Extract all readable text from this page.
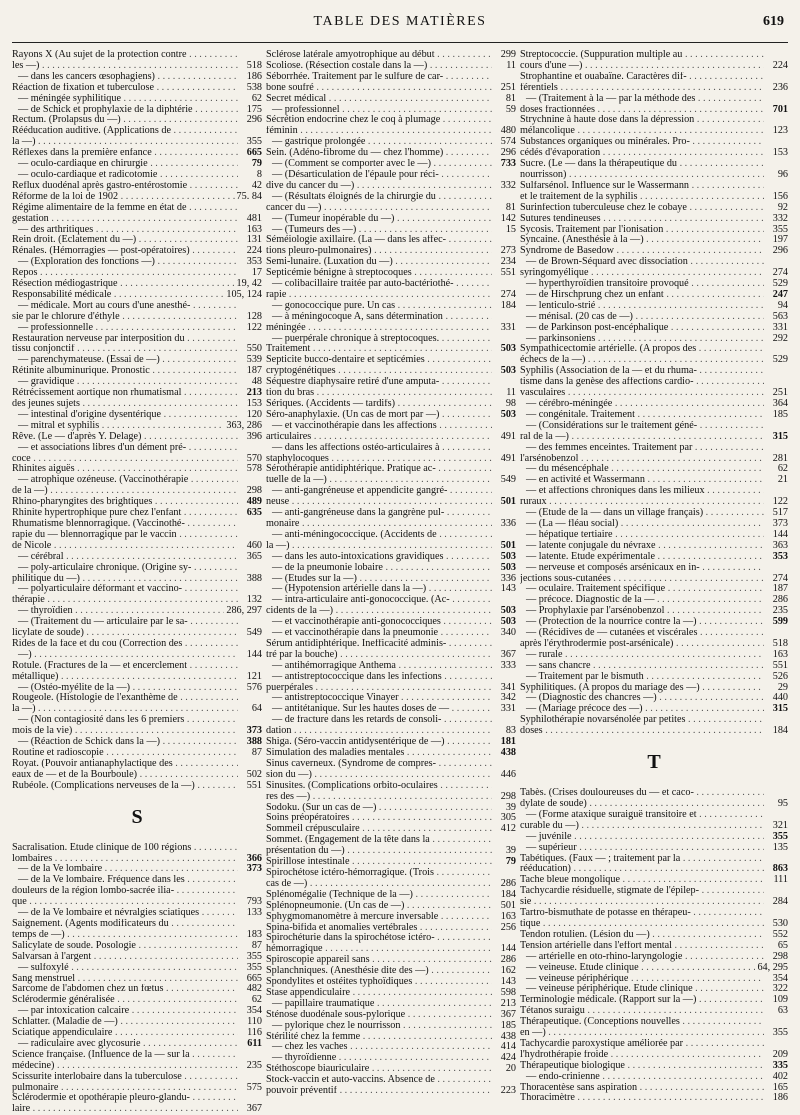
TABLE DES MATIÈRES	619
Rayons X (Au sujet de la protection contre . . .
les —) . . .	518
— dans les cancers œsophagiens) . . .	186
Réaction de fixation et tuberculose . . .	538
— méningée syphilitique . . .	62
— de Schick et prophylaxie de la diphtérie . . .	175
Rectum. (Prolapsus du —) . . .	296
Rééducation auditive. (Applications de . . .
la —) . . .	355
Réflexes dans la première enfance . . .	665
— oculo-cardiaque en chirurgie . . .	79
— oculo-cardiaque et radicotomie . . .	8
Reflux duodénal après gastro-entérostomie . . .	42
Réforme de la loi de 1902 . . .	75. 84
Régime alimentaire de la femme en état de . . .
gestation . . .	481
— des arthritiques . . .	163
Rein droit. (Éclatement du —) . . .	131
Rénales. (Hémorragies — post-opératoires) . . .	224
— (Exploration des fonctions —) . . .	353
Repos . . .	17
Résection médiogastrique . . .	19, 42
Responsabilité médicale . . .	105, 124
— médicale. Mort au cours d'une anesthé- . . .
sie par le chlorure d'éthyle . . .	128
— professionnelle . . .	122
Restauration nerveuse par interposition du . . .
tissu conjonctif . . .	550
— parenchymateuse. (Essai de —) . . .	539
Rétinite albuminurique. Pronostic . . .	187
— gravidique . . .	48
Rétrécissement aortique non rhumatismal . . .	213
des jeunes sujets . . .	153
— intestinal d'origine dysentérique . . .	120
— mitral et syphilis . . .	363, 286
Rêve. (Le — d'après Y. Delage) . . .	396
— et associations libres d'un dément pré- . . .
coce . . .	570
Rhinites aiguës . . .	578
— atrophique ozéneuse. (Vaccinothérapie . . .
de la —) . . .	298
Rhino-pharyngites des brightiques . . .	489
Rhinite hypertrophique pure chez l'enfant . . .	635
Rhumatisme blennorragique. (Vaccinothé- . . .
rapie du — blennorragique par le vaccin . . .
de Nicole . . .	460
— cérébral . . .	365
— poly-articulaire chronique. (Origine sy- . . .
philitique du —) . . .	388
— polyarticulaire déformant et vaccino- . . .
thérapie . . .	132
— thyroïdien . . .	286, 297
— (Traitement du — articulaire par le sa- . . .
licylate de soude) . . .	549
Rides de la face et du cou (Correction des . . .
—) . . .	144
Rotule. (Fractures de la — et encerclement . . .
métallique) . . .	121
— (Ostéo-myélite de la —) . . .	576
Rougeole. (Histologie de l'exanthème de . . .
la —) . . .	64
— (Non contagiosité dans les 6 premiers . . .
mois de la vie) . . .	373
— (Réaction de Schick dans la —) . . .	388
Routine et radioscopie . . .	87
Royat. (Pouvoir antianaphylactique des . . .
eaux de — et de la Bourboule) . . .	502
Rubéole. (Complications nerveuses de la —) . . .	551
S
Sacralisation. Étude clinique de 100 régions . . .
lombaires . . .	366
— de la Ve lombaire . . .	373
— de la Ve lombaire. Fréquence dans les . . .
douleurs de la région lombo-sacrée ilia- . . .
que . . .	793
— de la Ve lombaire et névralgies sciatiques . . .	133
Saignement. (Agents modificateurs du . . .
temps de —) . . .	183
Salicylate de soude. Posologie . . .	87
Salvarsan à l'argent . . .	355
— sulfoxylé . . .	355
Sang menstruel . . .	665
Sarcome de l'abdomen chez un fœtus . . .	482
Sclérodermie généralisée . . .	62
— par intoxication calcaire . . .	354
Schlatter. (Maladie de —) . . .	110
Sciatique appendiculaire . . .	116
— radiculaire avec glycosurie . . .	611
Science française. (Influence de la — sur la . . .
médecine) . . .	235
Scissurite interlobaire dans la tuberculose . . .
pulmonaire . . .	575
Sclérodermie et opothérapie pleuro-glandu- . . .
laire . . .	367
Sclérose latérale amyotrophique au début . . .	299
Scoliose. (Résection costale dans la —) . . .	11
Séborrhée. Traitement par le sulfure de car- . . .
bone soufré . . .	251
Secret médical . . .	81
— professionnel . . .	59
Sécrétion endocrine chez le coq à plumage . . .
féminin . . .	480
— gastrique prolongée . . .	574
Sein. (Adéno-fibrome du — chez l'homme) . . .	296
— (Comment se comporter avec le —) . . .	733
— (Désarticulation de l'épaule pour réci- . . .
dive du cancer du —) . . .	332
— (Résultats éloignés de la chirurgie du . . .
cancer du —) . . .	81
— (Tumeur inopérable du —) . . .	142
— (Tumeurs des —) . . .	15
Séméiologie axillaire. (La — dans les affec- . . .
tions pleuro-pulmonaires) . . .	273
Semi-lunaire. (Luxation du —) . . .	234
Septicémie bénigne à streptocoques . . .	551
— colibacillaire traitée par auto-bactériothé- . . .
rapie . . .	274
— gonococcique pure. Un cas . . .	184
— à méningocoque A, sans détermination . . .
méningée . . .	331
— puerpérale chronique à streptocoques. . . .
Traitement . . .	503
Septicite bucco-dentaire et septicémies . . .
cryptogénétiques . . .	503
Séquestre diaphysaire retiré d'une amputa- . . .
tion du bras . . .	11
Sériques. (Accidents — tardifs) . . .	98
Séro-anaphylaxie. (Un cas de mort par —) . . .	503
— et vaccinothérapie dans les affections . . .
articulaires . . .	491
— dans les affections ostéo-articulaires à . . .
staphylocoques . . .	491
Sérothérapie antidiphtérique. Pratique ac- . . .
tuelle de la —) . . .	549
— anti-gangréneuse et appendicite gangré- . . .
neuse . . .	501
— anti-gangréneuse dans la gangrène pul- . . .
monaire . . .	336
— anti-méningococcique. (Accidents de . . .
la —) . . .	501
— dans les auto-intoxications gravidiques . . .	503
— de la pneumonie lobaire . . .	503
— (Études sur la —) . . .	336
— (Hypotension artérielle dans la —) . . .	143
— intra-articulaire anti-gonococcique. (Ac- . . .
cidents de la —) . . .	503
— et vaccinothérapie anti-gonococciques . . .	503
— et vaccinothérapie dans la pneumonie . . .	340
Sérum antidiphtérique. Inefficacité adminis- . . .
tré par la bouche) . . .	367
— antihémorragique Anthema . . .	333
— antistreptococcique dans les infections . . .
puerpérales . . .	341
— antistreptococcique Vinayer . . .	342
— antitétanique. Sur les hautes doses de — . . .	331
— de fracture dans les retards de consoli- . . .
dation . . .	83
Shiga. (Séro-vaccin antidysentérique de —) . . .	181
Simulation des maladies mentales . . .	438
Sinus caverneux. (Syndrome de compres- . . .
sion du —) . . .	446
Sinusites. (Complications orbito-oculaires . . .
res des —) . . .	298
Sodoku. (Sur un cas de —) . . .	39
Soins préopératoires . . .	305
Sommeil crépusculaire . . .	412
Sommet. (Engagement de la tête dans la . . .
présentation du —) . . .	39
Spirillose intestinale . . .	79
Spirochétose ictéro-hémorragique. (Trois . . .
cas de —) . . .	286
Splénomégalie (Technique de la —) . . .	184
Splénopneumonie. (Un cas de —) . . .	501
Sphygmomanomètre à mercure inversable . . .	163
Spina-bifida et anomalies vertébrales . . .	256
Spirochéturie dans la spirochétose ictéro- . . .
hémorragique . . .	144
Spiroscopie appareil sans . . .	286
Splanchniques. (Anesthésie dite des —) . . .	162
Spondylites et ostéites typhoïdiques . . .	143
Stase appendiculaire . . .	598
— papillaire traumatique . . .	213
Sténose duodénale sous-pylorique . . .	367
— pylorique chez le nourrisson . . .	185
Stérilité chez la femme . . .	438
— chez les vaches . . .	414
— thyroïdienne . . .	424
Stéthoscope biauriculaire . . .	20
Stock-vaccin et auto-vaccins. Absence de . . .
pouvoir préventif . . .	223
Streptococcie. (Suppuration multiple au . . .
cours d'une —) . . .	224
Strophantine et ouabaïne. Caractères dif- . . .
férentiels . . .	236
— (Traitement à la — par la méthode des . . .
doses fractionnées . . .	701
Strychnine à haute dose dans la dépression . . .
mélancolique . . .	123
Substances organiques ou minérales. Pro- . . .
cédés d'évaporation . . .	153
Sucre. (Le — dans la thérapeutique du . . .
nourrisson) . . .	96
Sulfarsénol. Influence sur le Wassermann . . .
et le traitement de la syphilis . . .	156
Surinfection tuberculeuse chez le cobaye . . .	92
Sutures tendineuses . . .	332
Sycosis. Traitement par l'ionisation . . .	355
Syncaine. (Anesthésie à la —) . . .	197
Syndrome de Basedow . . .	296
— de Brown-Séquard avec dissociation . . .
syringomyélique . . .	274
— hyperthyroïdien transitoire provoqué . . .	529
— de Hirschprung chez un enfant . . .	247
— lenticulo-strié . . .	94
— ménisal. (20 cas de —) . . .	563
— de Parkinson post-encéphalique . . .	331
— parkinsoniens . . .	292
Sympathicectomie artérielle. (A propos des . . .
échecs de la —) . . .	529
Syphilis (Association de la — et du rhuma- . . .
tisme dans la genèse des affections cardio- . . .
vasculaires . . .	251
— cérébro-méningée . . .	364
— congénitale. Traitement . . .	185
— (Considérations sur le traitement géné- . . .
ral de la —) . . .	315
— des femmes enceintes. Traitement par . . .
l'arsénobenzol . . .	281
— du mésencéphale . . .	62
— en activité et Wassermann . . .	21
— et affections chroniques dans les milieux . . .
ruraux . . .	122
— (Étude de la — dans un village français) . . .	517
— (La — fléau social) . . .	373
— hépatique tertiaire . . .	144
— latente conjugale du névraxe . . .	363
— latente. Étude expérimentale . . .	353
— nerveuse et composés arsénicaux en in- . . .
jections sous-cutanées . . .	274
— oculaire. Traitement spécifique . . .	187
— précoce. Diagnostic de la — . . .	286
— Prophylaxie par l'arsénobenzol . . .	235
— (Protection de la nourrice contre la —) . . .	599
— (Récidives de — cutanées et viscérales . . .
après l'érythrodermie post-arsénicale) . . .	518
— rurale . . .	163
— sans chancre . . .	551
— Traitement par le bismuth . . .	526
Syphilitiques. (A propos du mariage des —) . . .	29
— (Diagnostic des chancres —) . . .	440
— (Mariage précoce des —) . . .	315
Syphilothérapie novarsénolée par petites . . .
doses . . .	184
T
Tabès. (Crises douloureuses du — et caco- . . .
dylate de soude) . . .	95
— (Forme ataxique suraiguë transitoire et . . .
curable du —) . . .	321
— juvénile . . .	355
— supérieur . . .	135
Tabétiques. (Faux — ; traitement par la . . .
rééducation) . . .	863
Tache bleue mongolique . . .	111
Tachycardie résiduelle, stigmate de l'épilep- . . .
sie . . .	284
Tartro-bismuthate de potasse en thérapeu- . . .
tique . . .	530
Tendon rotulien. (Lésion du —) . . .	552
Tension artérielle dans l'effort mental . . .	65
— artérielle en oto-rhino-laryngologie . . .	298
— veineuse. Étude clinique . . .	64, 295
— veineuse périphérique . . .	354
— veineuse périphérique. Étude clinique . . .	322
Terminologie médicale. (Rapport sur la —) . . .	109
Tétanos suraigu . . .	63
Thérapeutique. (Conceptions nouvelles . . .
en —) . . .	355
Tachycardie paroxystique améliorée par . . .
l'hydrothérapie froide . . .	209
Thérapeutique biologique . . .	335
— endo-crinienne . . .	402
Thoracentèse sans aspiration . . .	165
Thoracimètre . . .	186
